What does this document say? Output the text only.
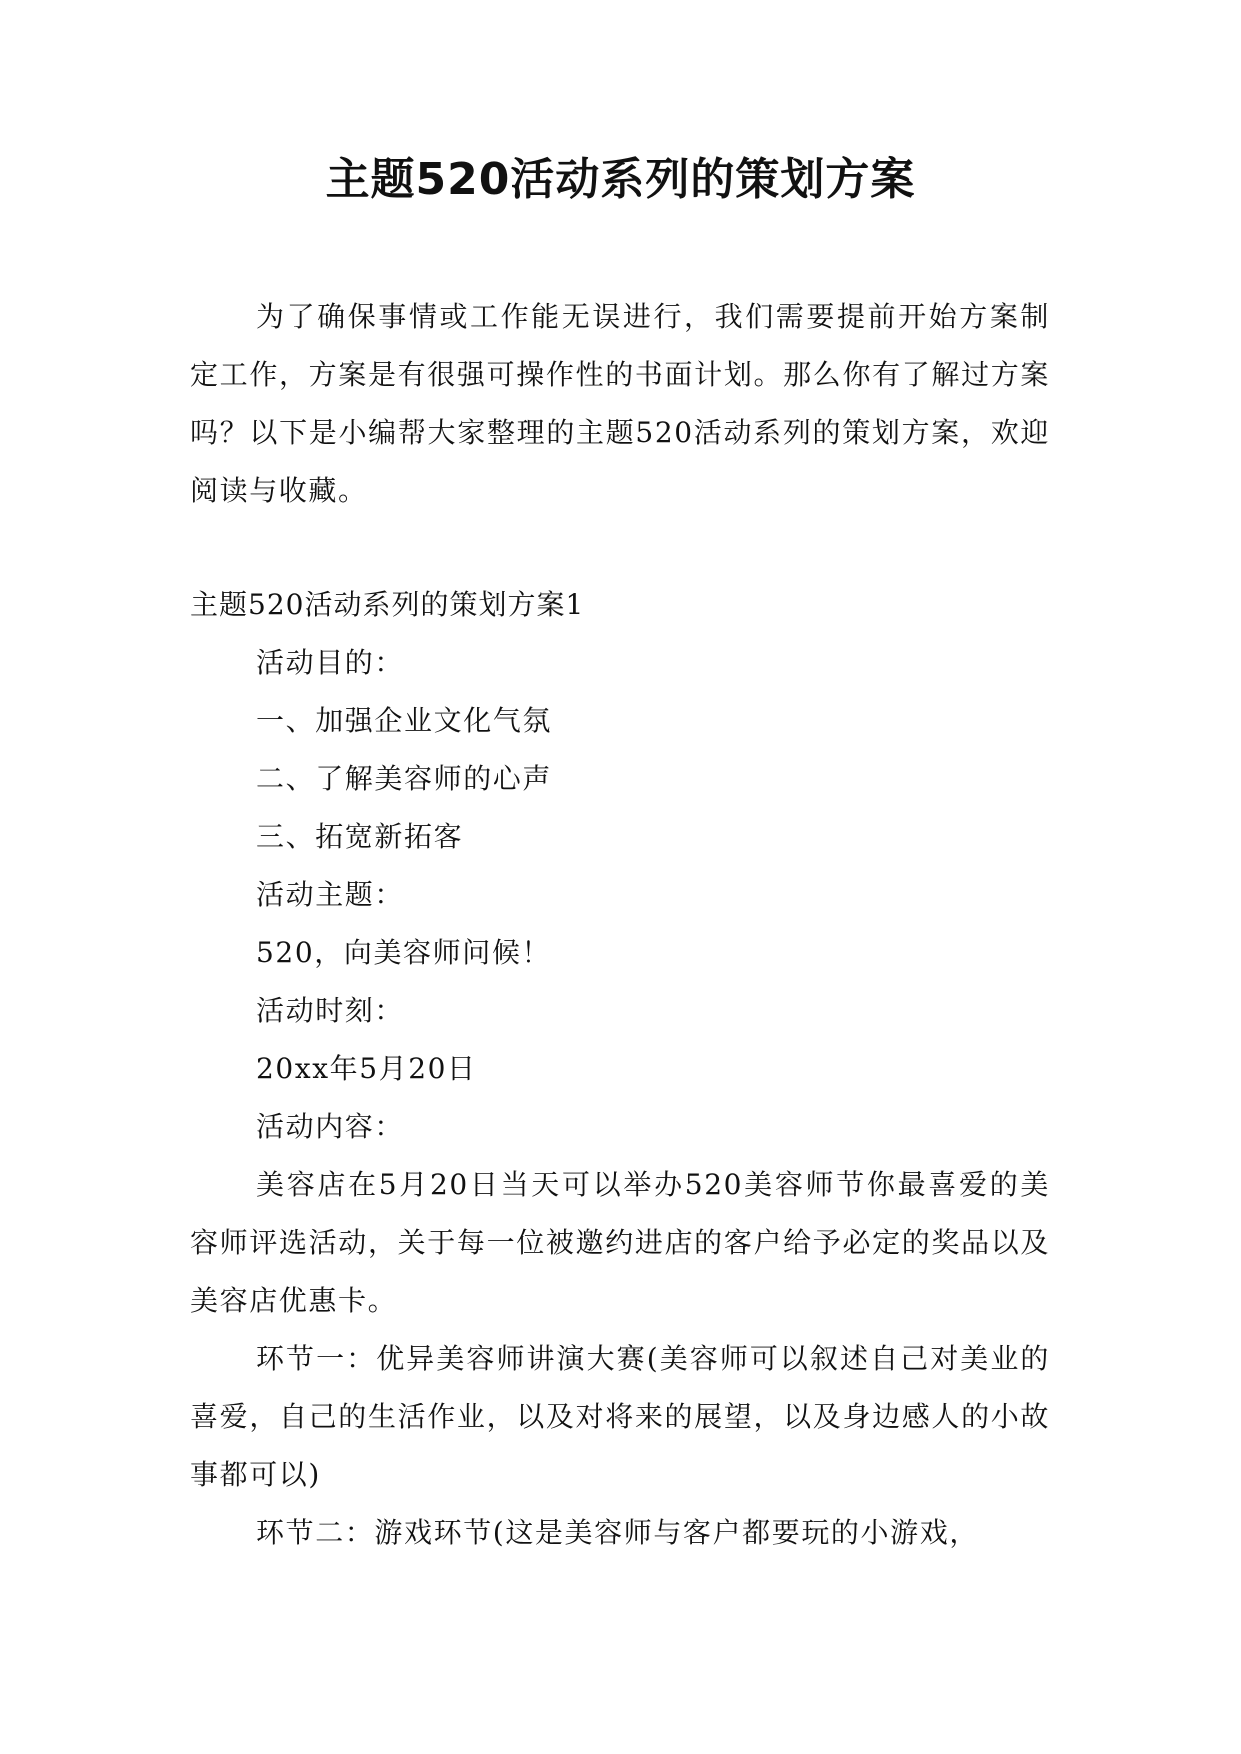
主题520活动系列的策划方案

为了确保事情或工作能无误进行，我们需要提前开始方案制定工作，方案是有很强可操作性的书面计划。那么你有了解过方案吗？以下是小编帮大家整理的主题520活动系列的策划方案，欢迎阅读与收藏。

主题520活动系列的策划方案1

活动目的：

一、加强企业文化气氛

二、了解美容师的心声

三、拓宽新拓客

活动主题：

520，向美容师问候！

活动时刻：

20xx年5月20日

活动内容：

美容店在5月20日当天可以举办520美容师节你最喜爱的美容师评选活动，关于每一位被邀约进店的客户给予必定的奖品以及美容店优惠卡。

环节一：优异美容师讲演大赛(美容师可以叙述自己对美业的喜爱，自己的生活作业，以及对将来的展望，以及身边感人的小故事都可以)

环节二：游戏环节(这是美容师与客户都要玩的小游戏，
